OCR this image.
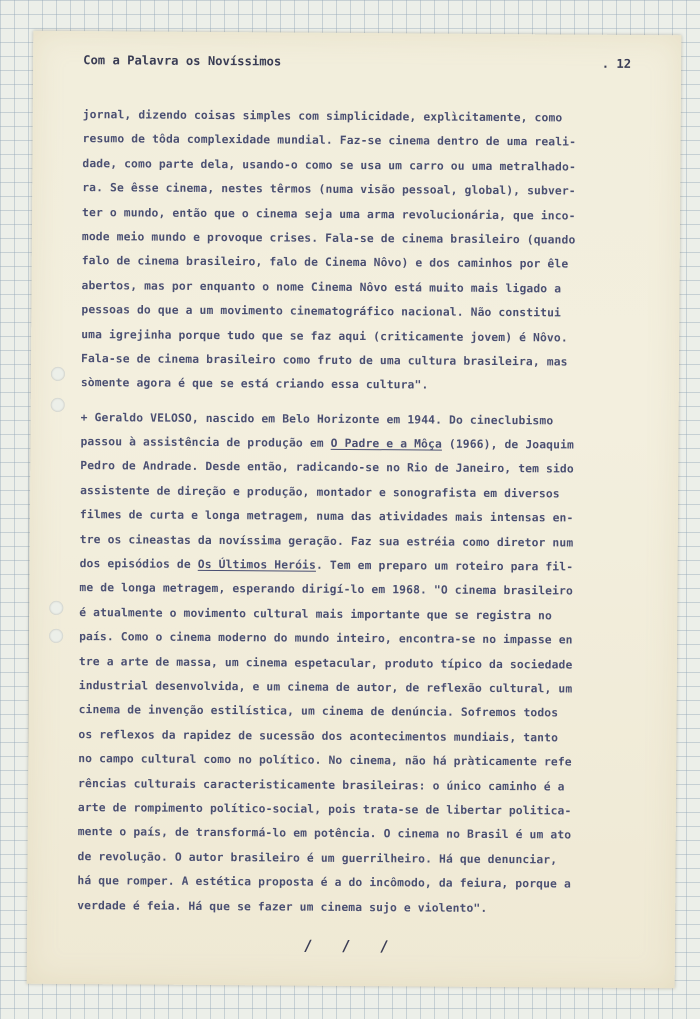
Com a Palavra os Novíssimos	. 12
jornal, dizendo coisas simples com simplicidade, explìcitamente, como
resumo de tôda complexidade mundial. Faz-se cinema dentro de uma reali-
dade, como parte dela, usando-o como se usa um carro ou uma metralhado-
ra. Se êsse cinema, nestes têrmos (numa visão pessoal, global), subver-
ter o mundo, então que o cinema seja uma arma revolucionária, que inco-
mode meio mundo e provoque crises. Fala-se de cinema brasileiro (quando
falo de cinema brasileiro, falo de Cinema Nôvo) e dos caminhos por êle
abertos, mas por enquanto o nome Cinema Nôvo está muito mais ligado a
pessoas do que a um movimento cinematográfico nacional. Não constitui
uma igrejinha porque tudo que se faz aqui (criticamente jovem) é Nôvo.
Fala-se de cinema brasileiro como fruto de uma cultura brasileira, mas
sòmente agora é que se está criando essa cultura".
+ Geraldo VELOSO, nascido em Belo Horizonte em 1944. Do cineclubismo
passou à assistência de produção em O Padre e a Môça (1966), de Joaquim
Pedro de Andrade. Desde então, radicando-se no Rio de Janeiro, tem sido
assistente de direção e produção, montador e sonografista em diversos
filmes de curta e longa metragem, numa das atividades mais intensas en-
tre os cineastas da novíssima geração. Faz sua estréia como diretor num
dos episódios de Os Últimos Heróis. Tem em preparo um roteiro para fil-
me de longa metragem, esperando dirigí-lo em 1968. "O cinema brasileiro
é atualmente o movimento cultural mais importante que se registra no
país. Como o cinema moderno do mundo inteiro, encontra-se no impasse en
tre a arte de massa, um cinema espetacular, produto típico da sociedade
industrial desenvolvida, e um cinema de autor, de reflexão cultural, um
cinema de invenção estilística, um cinema de denúncia. Sofremos todos
os reflexos da rapidez de sucessão dos acontecimentos mundiais, tanto
no campo cultural como no político. No cinema, não há pràticamente refe
rências culturais caracteristicamente brasileiras: o único caminho é a
arte de rompimento político-social, pois trata-se de libertar politica-
mente o país, de transformá-lo em potência. O cinema no Brasil é um ato
de revolução. O autor brasileiro é um guerrilheiro. Há que denunciar,
há que romper. A estética proposta é a do incômodo, da feiura, porque a
verdade é feia. Há que se fazer um cinema sujo e violento".
/ / /
